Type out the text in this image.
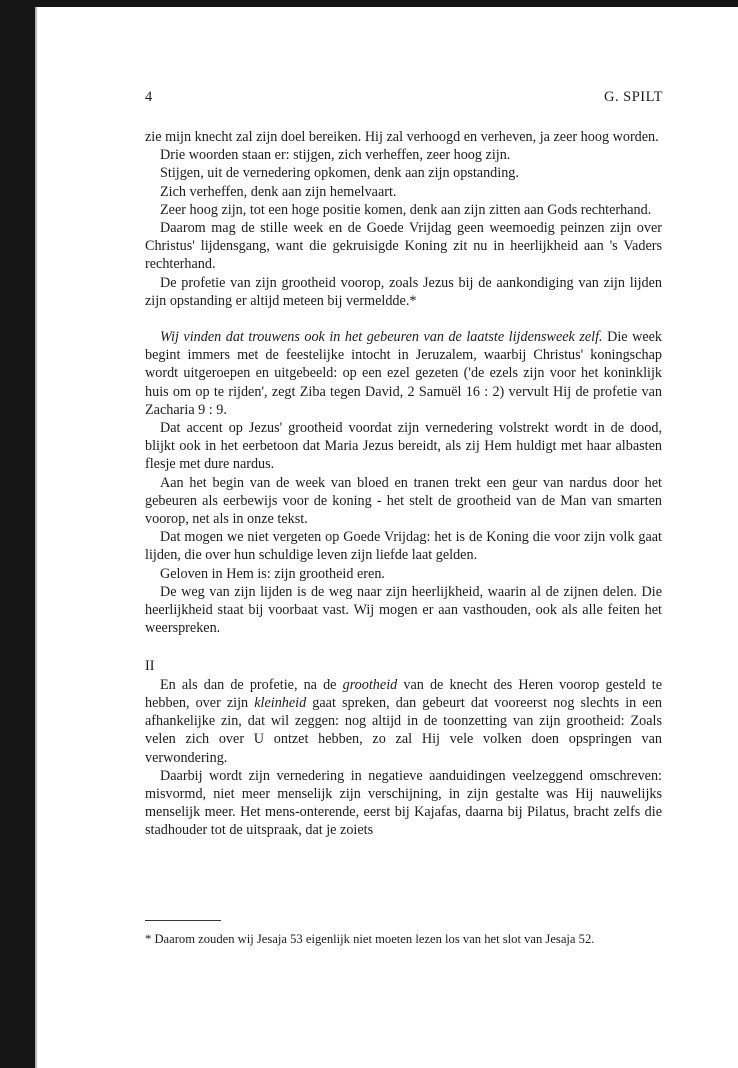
4	G. SPILT

zie mijn knecht zal zijn doel bereiken. Hij zal verhoogd en verheven, ja zeer hoog worden.

Drie woorden staan er: stijgen, zich verheffen, zeer hoog zijn.

Stijgen, uit de vernedering opkomen, denk aan zijn opstanding.

Zich verheffen, denk aan zijn hemelvaart.

Zeer hoog zijn, tot een hoge positie komen, denk aan zijn zitten aan Gods rechterhand.

Daarom mag de stille week en de Goede Vrijdag geen weemoedig peinzen zijn over Christus' lijdensgang, want die gekruisigde Koning zit nu in heerlijkheid aan 's Vaders rechterhand.

De profetie van zijn grootheid voorop, zoals Jezus bij de aankondiging van zijn lijden zijn opstanding er altijd meteen bij vermeldde.*

Wij vinden dat trouwens ook in het gebeuren van de laatste lijdensweek zelf. Die week begint immers met de feestelijke intocht in Jeruzalem, waarbij Christus' koningschap wordt uitgeroepen en uitgebeeld: op een ezel gezeten ('de ezels zijn voor het koninklijk huis om op te rijden', zegt Ziba tegen David, 2 Samuël 16 : 2) vervult Hij de profetie van Zacharia 9 : 9.

Dat accent op Jezus' grootheid voordat zijn vernedering volstrekt wordt in de dood, blijkt ook in het eerbetoon dat Maria Jezus bereidt, als zij Hem huldigt met haar albasten flesje met dure nardus.

Aan het begin van de week van bloed en tranen trekt een geur van nardus door het gebeuren als eerbewijs voor de koning - het stelt de grootheid van de Man van smarten voorop, net als in onze tekst.

Dat mogen we niet vergeten op Goede Vrijdag: het is de Koning die voor zijn volk gaat lijden, die over hun schuldige leven zijn liefde laat gelden.

Geloven in Hem is: zijn grootheid eren.

De weg van zijn lijden is de weg naar zijn heerlijkheid, waarin al de zijnen delen. Die heerlijkheid staat bij voorbaat vast. Wij mogen er aan vasthouden, ook als alle feiten het weerspreken.

II

En als dan de profetie, na de grootheid van de knecht des Heren voorop gesteld te hebben, over zijn kleinheid gaat spreken, dan gebeurt dat vooreerst nog slechts in een afhankelijke zin, dat wil zeggen: nog altijd in de toonzetting van zijn grootheid: Zoals velen zich over U ontzet hebben, zo zal Hij vele volken doen opspringen van verwondering.

Daarbij wordt zijn vernedering in negatieve aanduidingen veelzeggend omschreven: misvormd, niet meer menselijk zijn verschijning, in zijn gestalte was Hij nauwelijks menselijk meer. Het mens-onterende, eerst bij Kajafas, daarna bij Pilatus, bracht zelfs die stadhouder tot de uitspraak, dat je zoiets

* Daarom zouden wij Jesaja 53 eigenlijk niet moeten lezen los van het slot van Jesaja 52.
